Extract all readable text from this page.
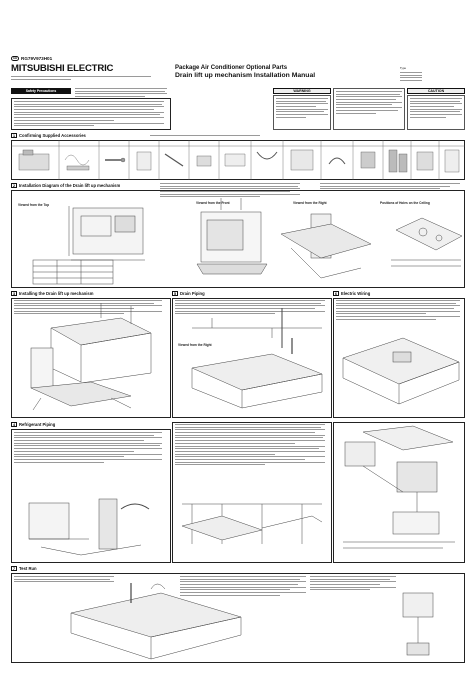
GB RG79V973H01
MITSUBISHI ELECTRIC	Package Air Conditioner Optional Parts
Drain lift up mechanism Installation Manual
Type
Safety Precautions	WARNING	CAUTION
1 Confirming Supplied Accessories
2 Installation Diagram of the Drain lift up mechanism
Viewed from the Top	Viewed from the Front	Viewed from the Right	Positions of Holes on the Ceiling
3 Installing the Drain lift up mechanism	5 Drain Piping
Viewed from the Right
6 Electric Wiring
4 Refrigerant Piping
7 Test Run
